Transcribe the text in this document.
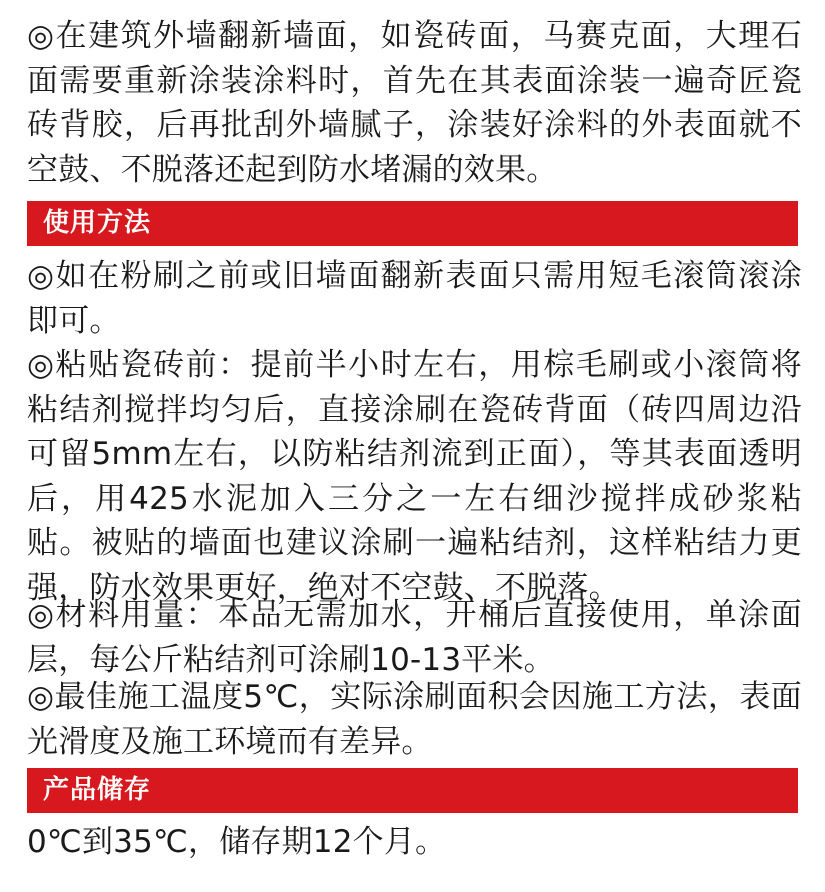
◎在建筑外墙翻新墙面，如瓷砖面，马赛克面，大理石面需要重新涂装涂料时，首先在其表面涂装一遍奇匠瓷砖背胶，后再批刮外墙腻子，涂装好涂料的外表面就不空鼓、不脱落还起到防水堵漏的效果。

使用方法

◎如在粉刷之前或旧墙面翻新表面只需用短毛滚筒滚涂即可。

◎粘贴瓷砖前：提前半小时左右，用棕毛刷或小滚筒将粘结剂搅拌均匀后，直接涂刷在瓷砖背面（砖四周边沿可留5mm左右，以防粘结剂流到正面），等其表面透明后，用425水泥加入三分之一左右细沙搅拌成砂浆粘贴。被贴的墙面也建议涂刷一遍粘结剂，这样粘结力更强，防水效果更好，绝对不空鼓、不脱落。

◎材料用量：本品无需加水，开桶后直接使用，单涂面层，每公斤粘结剂可涂刷10-13平米。

◎最佳施工温度5℃，实际涂刷面积会因施工方法，表面光滑度及施工环境而有差异。

产品储存

0℃到35℃，储存期12个月。
